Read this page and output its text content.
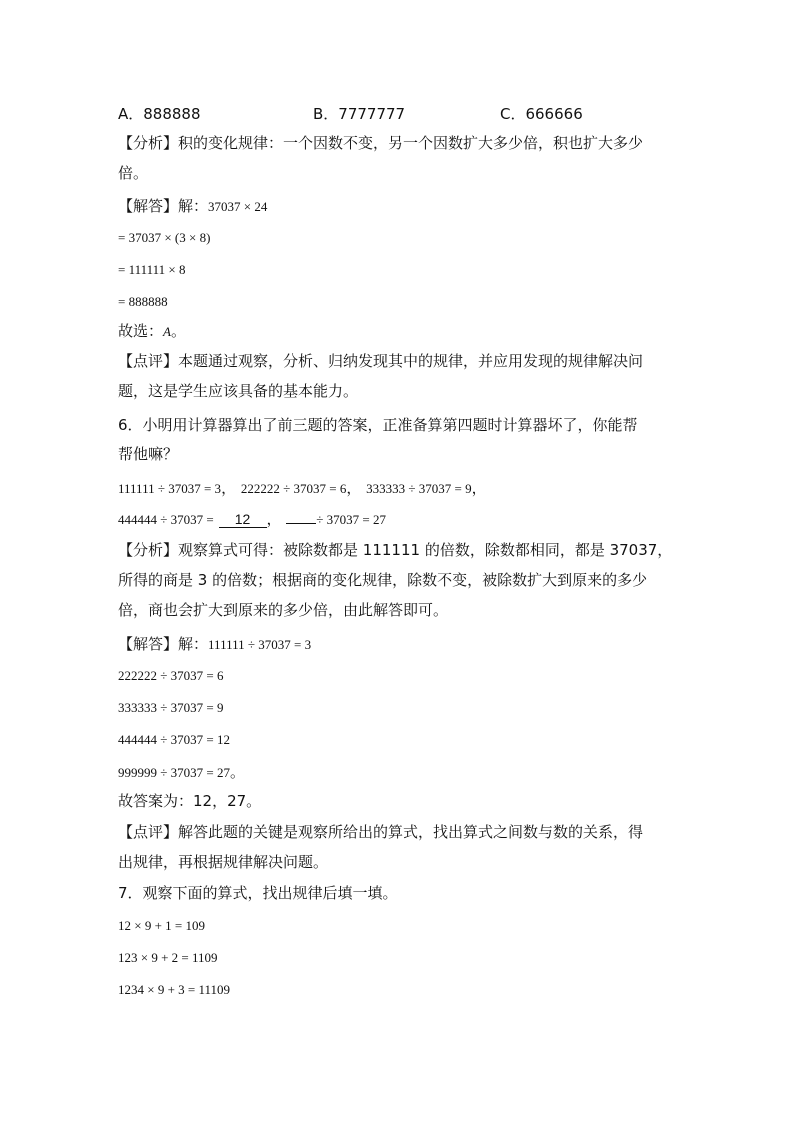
A．888888	B．7777777	C．666666
【分析】积的变化规律：一个因数不变，另一个因数扩大多少倍，积也扩大多少
倍。
【解答】解：37037 × 24
= 37037 × (3 × 8)
= 111111 × 8
= 888888
故选：A。
【点评】本题通过观察，分析、归纳发现其中的规律，并应用发现的规律解决问
题，这是学生应该具备的基本能力。
6．小明用计算器算出了前三题的答案，正准备算第四题时计算器坏了，你能帮
帮他嘛？
111111 ÷ 37037 = 3， 222222 ÷ 37037 = 6， 333333 ÷ 37037 = 9，
444444 ÷ 37037 = 12 ，	÷ 37037 = 27
【分析】观察算式可得：被除数都是 111111 的倍数，除数都相同，都是 37037，
所得的商是 3 的倍数；根据商的变化规律，除数不变，被除数扩大到原来的多少
倍，商也会扩大到原来的多少倍，由此解答即可。
【解答】解：111111 ÷ 37037 = 3
222222 ÷ 37037 = 6
333333 ÷ 37037 = 9
444444 ÷ 37037 = 12
999999 ÷ 37037 = 27。
故答案为：12，27。
【点评】解答此题的关键是观察所给出的算式，找出算式之间数与数的关系，得
出规律，再根据规律解决问题。
7．观察下面的算式，找出规律后填一填。
12 × 9 + 1 = 109
123 × 9 + 2 = 1109
1234 × 9 + 3 = 11109
